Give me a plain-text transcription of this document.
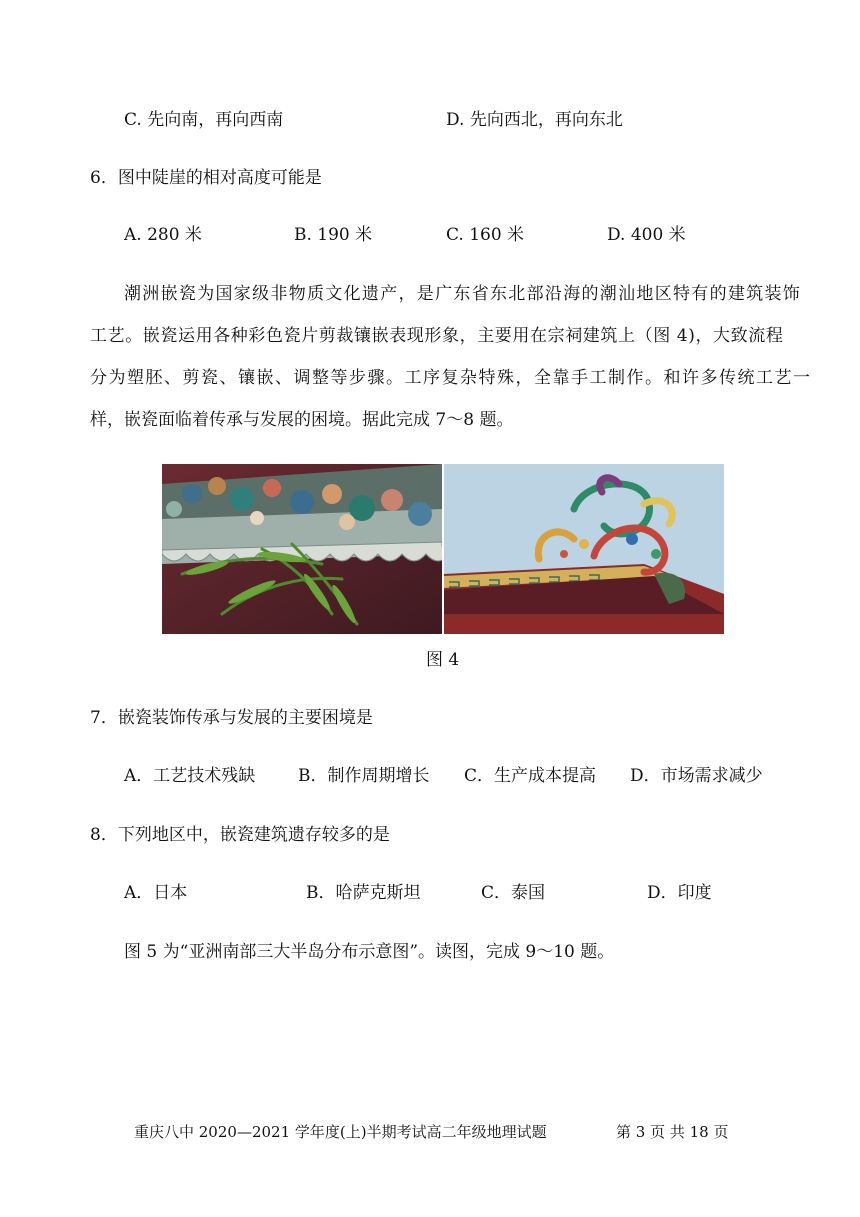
C. 先向南，再向西南	D. 先向西北，再向东北
6．图中陡崖的相对高度可能是
A. 280 米	B. 190 米	C. 160 米	D. 400 米
潮洲嵌瓷为国家级非物质文化遗产，是广东省东北部沿海的潮汕地区特有的建筑装饰
工艺。嵌瓷运用各种彩色瓷片剪裁镶嵌表现形象，主要用在宗祠建筑上（图 4)，大致流程
分为塑胚、剪瓷、镶嵌、调整等步骤。工序复杂特殊，全靠手工制作。和许多传统工艺一
样，嵌瓷面临着传承与发展的困境。据此完成 7～8 题。
图 4
7．嵌瓷装饰传承与发展的主要困境是
A．工艺技术残缺	B．制作周期增长 C．生产成本提高 D．市场需求减少
8．下列地区中，嵌瓷建筑遗存较多的是
A．日本	B．哈萨克斯坦	C．泰国	D．印度
图 5 为“亚洲南部三大半岛分布示意图”。读图，完成 9～10 题。
重庆八中 2020—2021 学年度(上)半期考试高二年级地理试题	第 3 页 共 18 页
